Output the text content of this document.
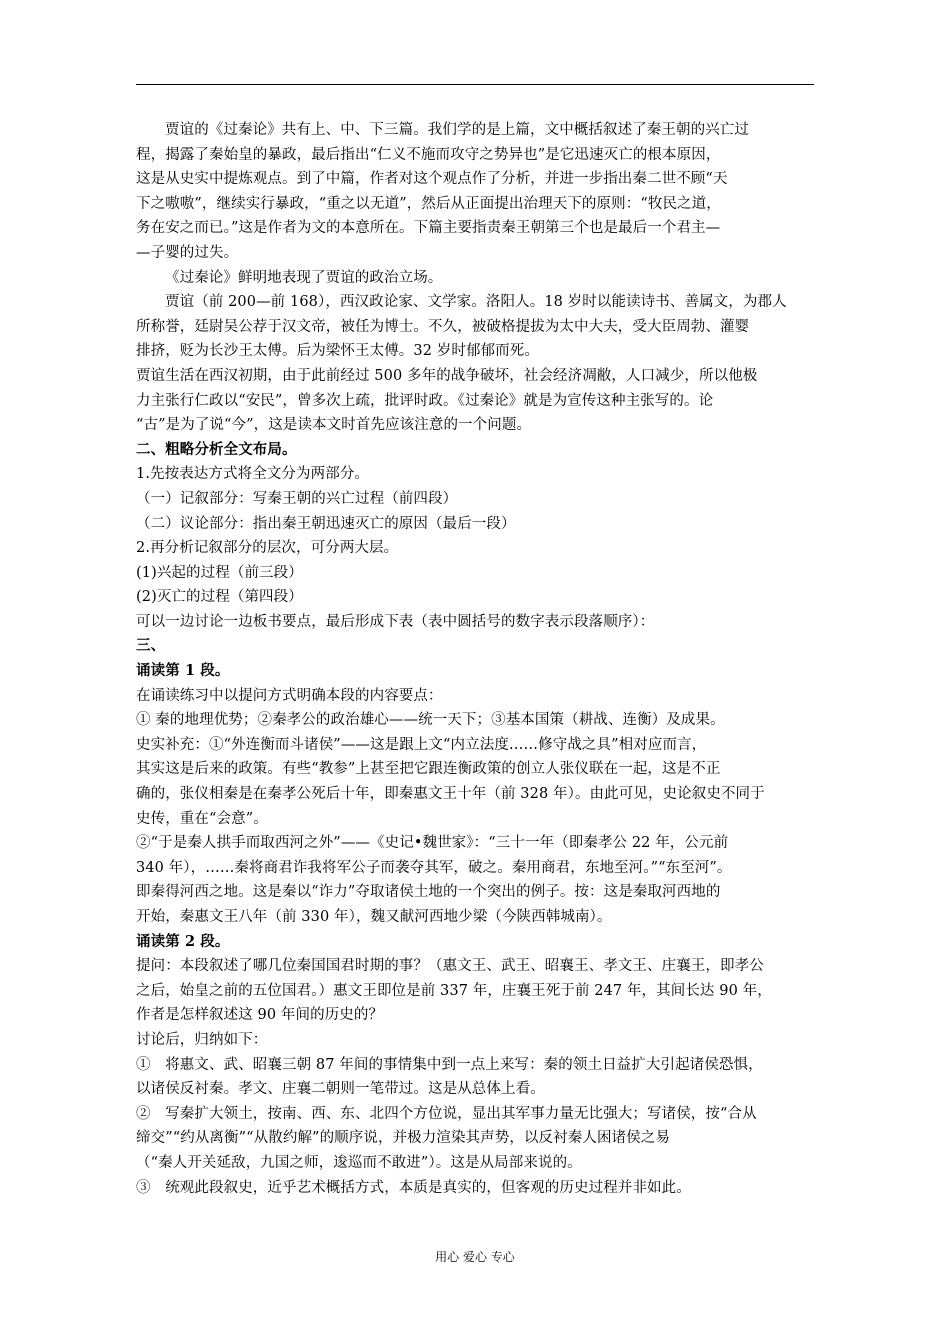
贾谊的《过秦论》共有上、中、下三篇。我们学的是上篇，文中概括叙述了秦王朝的兴亡过
程，揭露了秦始皇的暴政，最后指出“仁义不施而攻守之势异也”是它迅速灭亡的根本原因，
这是从史实中提炼观点。到了中篇，作者对这个观点作了分析，并进一步指出秦二世不顾“天
下之嗷嗷”，继续实行暴政，“重之以无道”，然后从正面提出治理天下的原则：“牧民之道，
务在安之而已。”这是作者为文的本意所在。下篇主要指责秦王朝第三个也是最后一个君主—
—子婴的过失。
《过秦论》鲜明地表现了贾谊的政治立场。
贾谊（前 200—前 168），西汉政论家、文学家。洛阳人。18 岁时以能读诗书、善属文，为郡人
所称誉，廷尉吴公荐于汉文帝，被任为博士。不久，被破格提拔为太中大夫，受大臣周勃、灌婴
排挤，贬为长沙王太傅。后为梁怀王太傅。32 岁时郁郁而死。
贾谊生活在西汉初期，由于此前经过 500 多年的战争破坏，社会经济凋敝，人口减少，所以他极
力主张行仁政以“安民”，曾多次上疏，批评时政。《过秦论》就是为宣传这种主张写的。论
“古”是为了说“今”，这是读本文时首先应该注意的一个问题。
二、粗略分析全文布局。
1.先按表达方式将全文分为两部分。
（一）记叙部分：写秦王朝的兴亡过程（前四段）
（二）议论部分：指出秦王朝迅速灭亡的原因（最后一段）
2.再分析记叙部分的层次，可分两大层。
(1)兴起的过程（前三段）
(2)灭亡的过程（第四段）
可以一边讨论一边板书要点，最后形成下表（表中圆括号的数字表示段落顺序）：
三、
诵读第 1 段。
在诵读练习中以提问方式明确本段的内容要点：
① 秦的地理优势；②秦孝公的政治雄心——统一天下；③基本国策（耕战、连衡）及成果。
史实补充：①“外连衡而斗诸侯”——这是跟上文“内立法度……修守战之具”相对应而言，
其实这是后来的政策。有些“教参”上甚至把它跟连衡政策的创立人张仪联在一起，这是不正
确的，张仪相秦是在秦孝公死后十年，即秦惠文王十年（前 328 年）。由此可见，史论叙史不同于
史传，重在“会意”。
②“于是秦人拱手而取西河之外”——《史记•魏世家》：“三十一年（即秦孝公 22 年，公元前
340 年），……秦将商君诈我将军公子而袭夺其军，破之。秦用商君，东地至河。”“东至河”。
即秦得河西之地。这是秦以“诈力”夺取诸侯土地的一个突出的例子。按：这是秦取河西地的
开始，秦惠文王八年（前 330 年），魏又献河西地少梁（今陕西韩城南）。
诵读第 2 段。
提问：本段叙述了哪几位秦国国君时期的事？（惠文王、武王、昭襄王、孝文王、庄襄王，即孝公
之后，始皇之前的五位国君。）惠文王即位是前 337 年，庄襄王死于前 247 年，其间长达 90 年，
作者是怎样叙述这 90 年间的历史的？
讨论后，归纳如下：
①　将惠文、武、昭襄三朝 87 年间的事情集中到一点上来写：秦的领土日益扩大引起诸侯恐惧，
以诸侯反衬秦。孝文、庄襄二朝则一笔带过。这是从总体上看。
②　写秦扩大领土，按南、西、东、北四个方位说，显出其军事力量无比强大；写诸侯，按“合从
缔交”“约从离衡”“从散约解”的顺序说，并极力渲染其声势，以反衬秦人困诸侯之易
（“秦人开关延敌，九国之师，逡巡而不敢进”）。这是从局部来说的。
③　统观此段叙史，近乎艺术概括方式，本质是真实的，但客观的历史过程并非如此。
用心 爱心 专心
